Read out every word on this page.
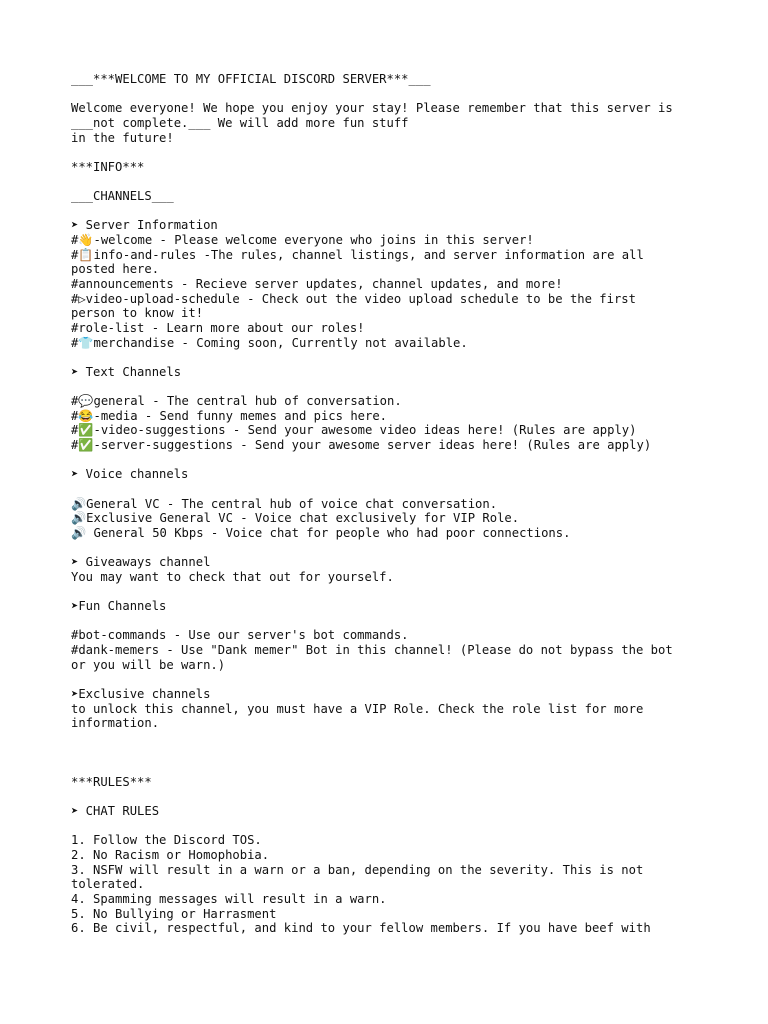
___***WELCOME TO MY OFFICIAL DISCORD SERVER***___
Welcome everyone! We hope you enjoy your stay! Please remember that this server is
___not complete.___ We will add more fun stuff
in the future!
***INFO***
___CHANNELS___
➤ Server Information
#👋-welcome - Please welcome everyone who joins in this server!
#📋info-and-rules -The rules, channel listings, and server information are all
posted here.
#announcements - Recieve server updates, channel updates, and more!
#▷video-upload-schedule - Check out the video upload schedule to be the first
person to know it!
#role-list - Learn more about our roles!
#👕merchandise - Coming soon, Currently not available.
➤ Text Channels
#💬general - The central hub of conversation.
#😂-media - Send funny memes and pics here.
#✅-video-suggestions - Send your awesome video ideas here! (Rules are apply)
#✅-server-suggestions - Send your awesome server ideas here! (Rules are apply)
➤ Voice channels
🔊General VC - The central hub of voice chat conversation.
🔊Exclusive General VC - Voice chat exclusively for VIP Role.
🔊 General 50 Kbps - Voice chat for people who had poor connections.
➤ Giveaways channel
You may want to check that out for yourself.
➤Fun Channels
#bot-commands - Use our server's bot commands.
#dank-memers - Use "Dank memer" Bot in this channel! (Please do not bypass the bot
or you will be warn.)
➤Exclusive channels
to unlock this channel, you must have a VIP Role. Check the role list for more
information.
***RULES***
➤ CHAT RULES
1. Follow the Discord TOS.
2. No Racism or Homophobia.
3. NSFW will result in a warn or a ban, depending on the severity. This is not
tolerated.
4. Spamming messages will result in a warn.
5. No Bullying or Harrasment
6. Be civil, respectful, and kind to your fellow members. If you have beef with
